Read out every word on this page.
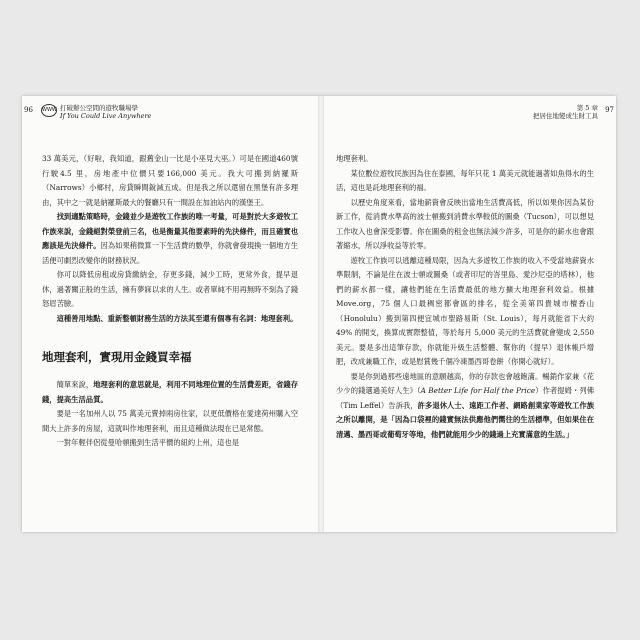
96 WWW 打破辦公空間的遊牧職場學
If You Could Live Anywhere

33 萬美元，（好啦，我知道，跟舊金山一比是小巫見大巫。）可是在國道460號行駛4.5 里，房地產中位價只要166,000 美元。我大可搬到納羅斯（Narrows）小鄉村，房貸瞬間銳減五成。但是我之所以還留在黑堡有許多理由，其中之一就是納羅斯最大的餐廳只有一間設在加油站內的漢堡王。

找到適點策略時，金錢並少是遊牧工作族的唯一考量，可是對於大多遊牧工作族來說，金錢絕對榮登前三名，也是衡量其他要素時的先決條件，而且確實也應該是先決條件。因為如果稍微算一下生活費的數學，你就會發現換一個地方生活便可劇烈改變你的財務狀況。

你可以降低房租或房貸繳納金，存更多錢，減少工時，更常外食，提早退休，過著關正般的生活，擁有夢寐以求的人生。或者單純不用再無時不刻為了錢怒眉苦臉。

這種善用地點、重新整頓財務生活的方法其至還有個專有名詞：地理套利。

地理套利，實現用金錢買幸福

簡單來說，地理套利的意思就是，利用不同地理位置的生活費差距，省錢存錢，提高生活品質。

要是一名加州人以 75 萬美元賣掉兩房住家，以更低價格在愛達荷州購入空間大上許多的房屋，這就叫作地理套利，而且這種做法現在已是常態。

一對年輕伴侶從曼哈頓搬到生活平價的紐約上州，這也是

97
第 5 章
把居住地變成生財工具

地理套利。

某位數位遊牧民族因為住在泰國，每年只花 1 萬美元就能過著如魚得水的生活，這也是託地理套利的福。

以歷史角度來看，當地薪資會反映出當地生活費高低，所以如果你因為某份新工作，從消費水準高的波士頓搬到消費水準較低的圖桑（Tucson），可以想見工作收入也會深受影響。你在圖桑的租金也無法減少許多，可是你的薪水也會跟著縮水，所以淨收益等於零。

遊牧工作族可以逃離這種局限，因為大多遊牧工作族的收入不受當地薪資水準限制，不論是住在波士頓或圖桑（或者印尼的峇里島、愛沙尼亞的塔林），他們的薪水都一樣，讓他們能在生活費最低的地方擴大地理套利效益。根據 Move.org，75 個人口最稠密都會區的排名，從全美第四貴城市檀香山（Honolulu）搬到第四便宜城市聖路易斯（St. Louis），每月就能省下大約 49% 的開支，換算成實際整值，等於每月 5,000 美元的生活費就會變成 2,550 美元。要是多出這筆存款，你就能升級生活整體、幫你的（提早）退休帳戶增肥，改成兼職工作，或是慰賞幾千個冷凍墨西哥卷餅（你開心就好）。

要是你到過那些遠地區的意願越高，你的存款也會越飽滿。暢銷作家兼《花少少的錢選過美好人生》（A Better Life for Half the Price）作者提姆・列佛（Tim Leffel）告訴我，許多退休人士、遠距工作者、網路創業家等遊牧工作族之所以離開，是「因為口袋裡的錢實無法供應他們嚮往的生活標準，但如果住在清邁、墨西哥或葡萄牙等地，他們就能用少少的錢過上充實滿意的生活。」
